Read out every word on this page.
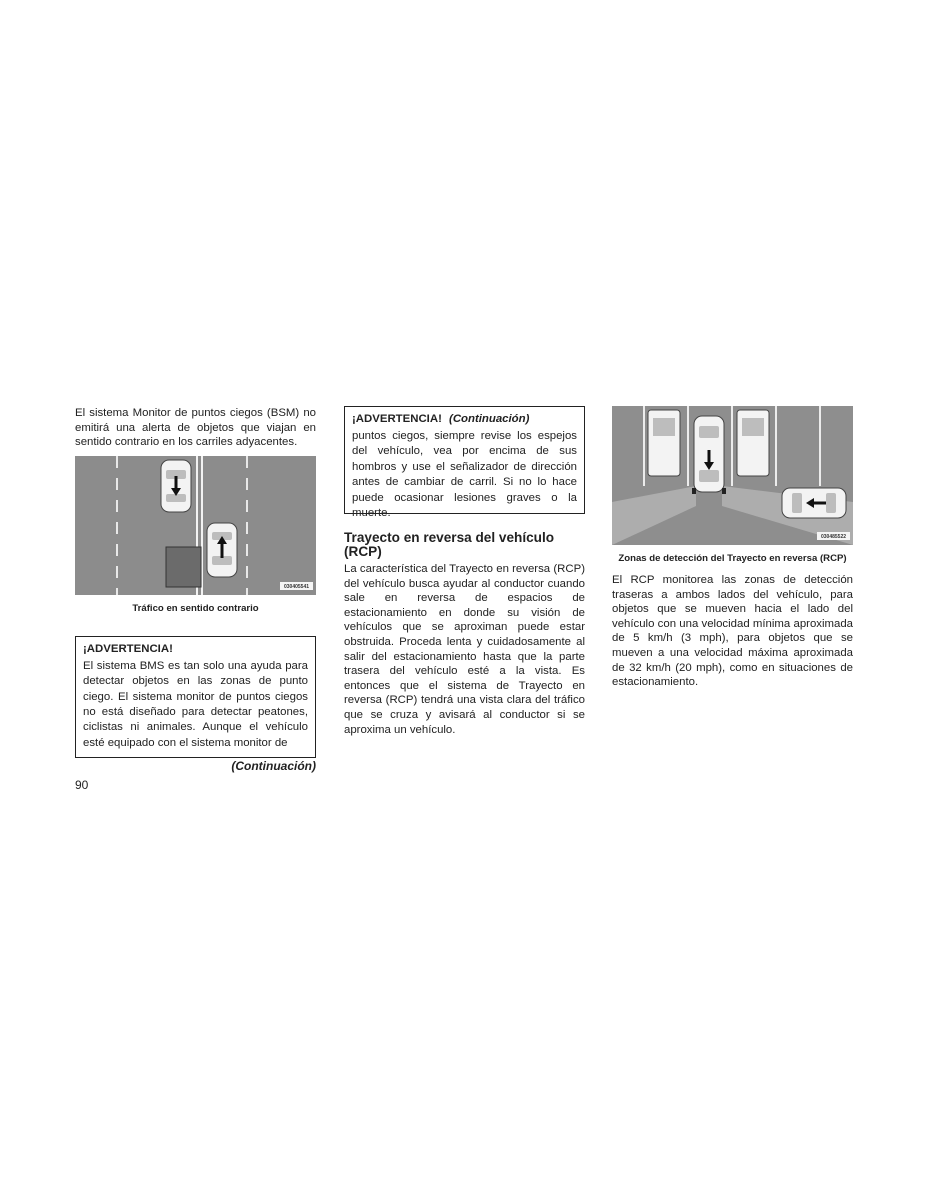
El sistema Monitor de puntos ciegos (BSM) no emitirá una alerta de objetos que viajan en sentido contrario en los carriles adyacentes.

030405541
Tráfico en sentido contrario
¡ADVERTENCIA!

El sistema BMS es tan solo una ayuda para detectar objetos en las zonas de punto ciego. El sistema monitor de puntos ciegos no está diseñado para detectar peatones, ciclistas ni animales. Aunque el vehículo esté equipado con el sistema monitor de

(Continuación)
90
¡ADVERTENCIA! (Continuación)

puntos ciegos, siempre revise los espejos del vehículo, vea por encima de sus hombros y use el señalizador de dirección antes de cambiar de carril. Si no lo hace puede ocasionar lesiones graves o la muerte.

Trayecto en reversa del vehículo (RCP)

La característica del Trayecto en reversa (RCP) del vehículo busca ayudar al conductor cuando sale en reversa de espacios de estacionamiento en donde su visión de vehículos que se aproximan puede estar obstruida. Proceda lenta y cuidadosamente al salir del estacionamiento hasta que la parte trasera del vehículo esté a la vista. Es entonces que el sistema de Trayecto en reversa (RCP) tendrá una vista clara del tráfico que se cruza y avisará al conductor si se aproxima un vehículo.

030485522
Zonas de detección del Trayecto en reversa (RCP)

El RCP monitorea las zonas de detección traseras a ambos lados del vehículo, para objetos que se mueven hacia el lado del vehículo con una velocidad mínima aproximada de 5 km/h (3 mph), para objetos que se mueven a una velocidad máxima aproximada de 32 km/h (20 mph), como en situaciones de estacionamiento.
